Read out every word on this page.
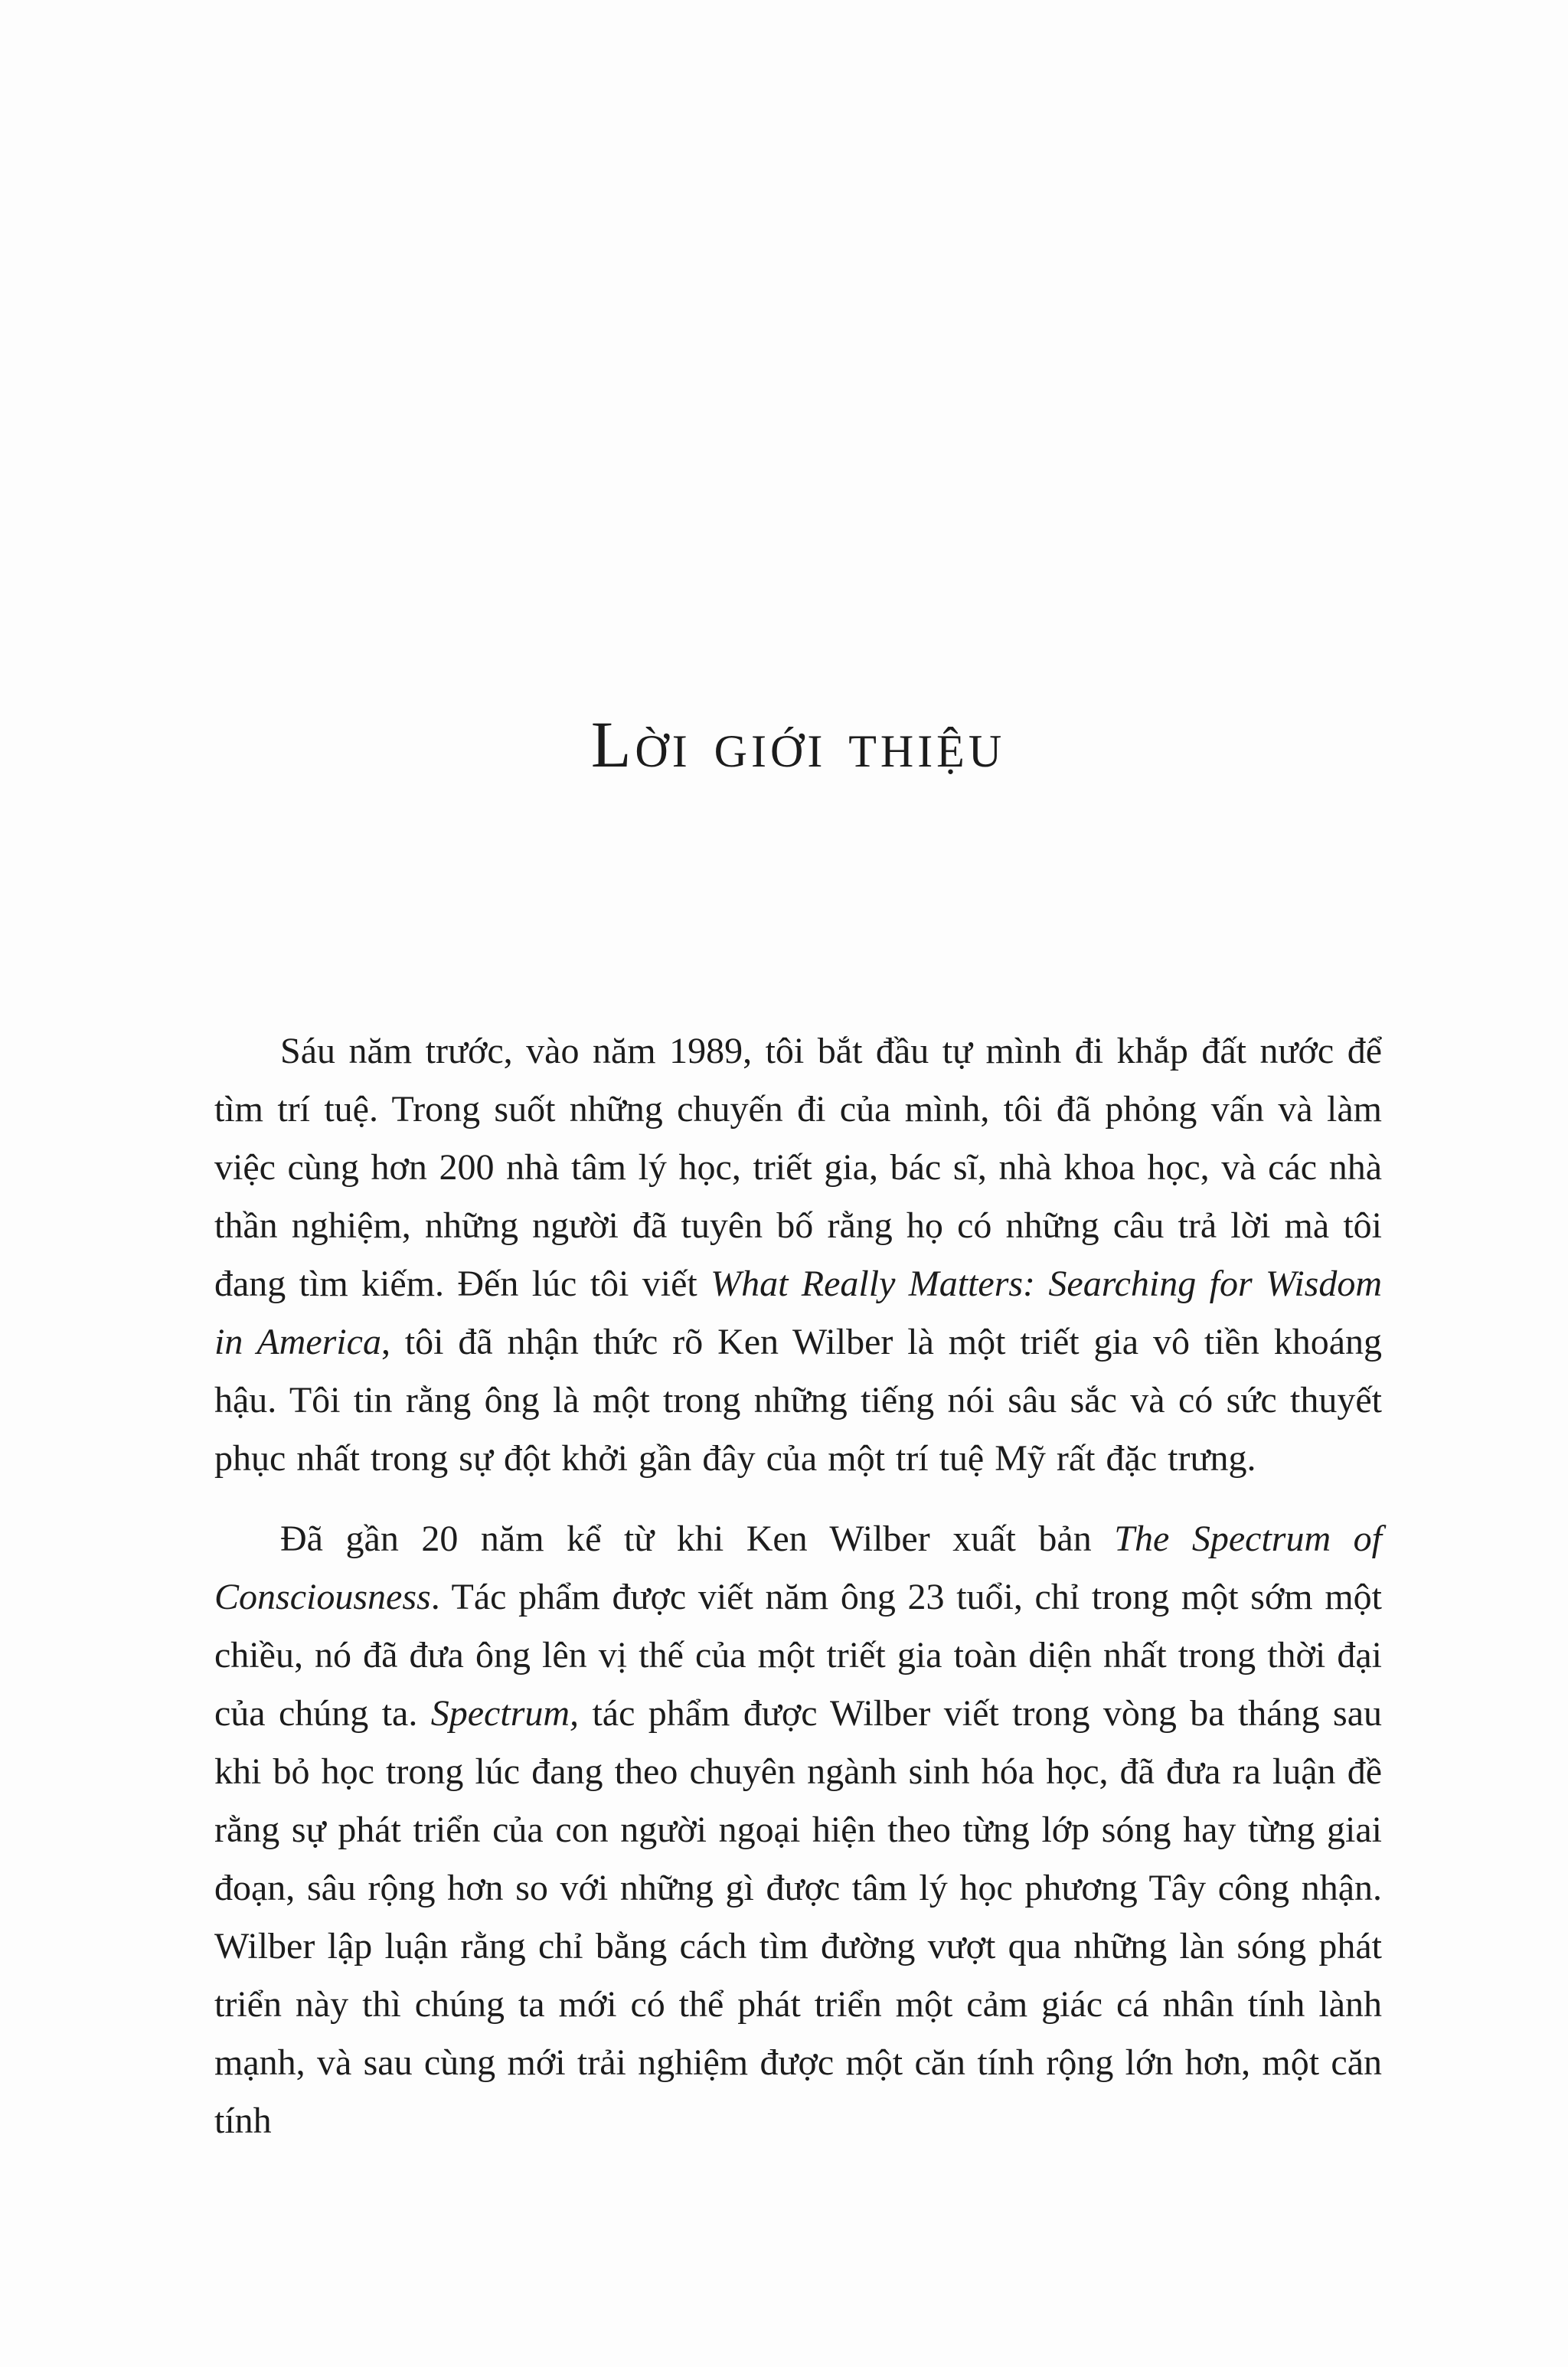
LỜI GIỚI THIỆU

Sáu năm trước, vào năm 1989, tôi bắt đầu tự mình đi khắp đất nước để tìm trí tuệ. Trong suốt những chuyến đi của mình, tôi đã phỏng vấn và làm việc cùng hơn 200 nhà tâm lý học, triết gia, bác sĩ, nhà khoa học, và các nhà thần nghiệm, những người đã tuyên bố rằng họ có những câu trả lời mà tôi đang tìm kiếm. Đến lúc tôi viết What Really Matters: Searching for Wisdom in America, tôi đã nhận thức rõ Ken Wilber là một triết gia vô tiền khoáng hậu. Tôi tin rằng ông là một trong những tiếng nói sâu sắc và có sức thuyết phục nhất trong sự đột khởi gần đây của một trí tuệ Mỹ rất đặc trưng.

Đã gần 20 năm kể từ khi Ken Wilber xuất bản The Spectrum of Consciousness. Tác phẩm được viết năm ông 23 tuổi, chỉ trong một sớm một chiều, nó đã đưa ông lên vị thế của một triết gia toàn diện nhất trong thời đại của chúng ta. Spectrum, tác phẩm được Wilber viết trong vòng ba tháng sau khi bỏ học trong lúc đang theo chuyên ngành sinh hóa học, đã đưa ra luận đề rằng sự phát triển của con người ngoại hiện theo từng lớp sóng hay từng giai đoạn, sâu rộng hơn so với những gì được tâm lý học phương Tây công nhận. Wilber lập luận rằng chỉ bằng cách tìm đường vượt qua những làn sóng phát triển này thì chúng ta mới có thể phát triển một cảm giác cá nhân tính lành mạnh, và sau cùng mới trải nghiệm được một căn tính rộng lớn hơn, một căn tính
